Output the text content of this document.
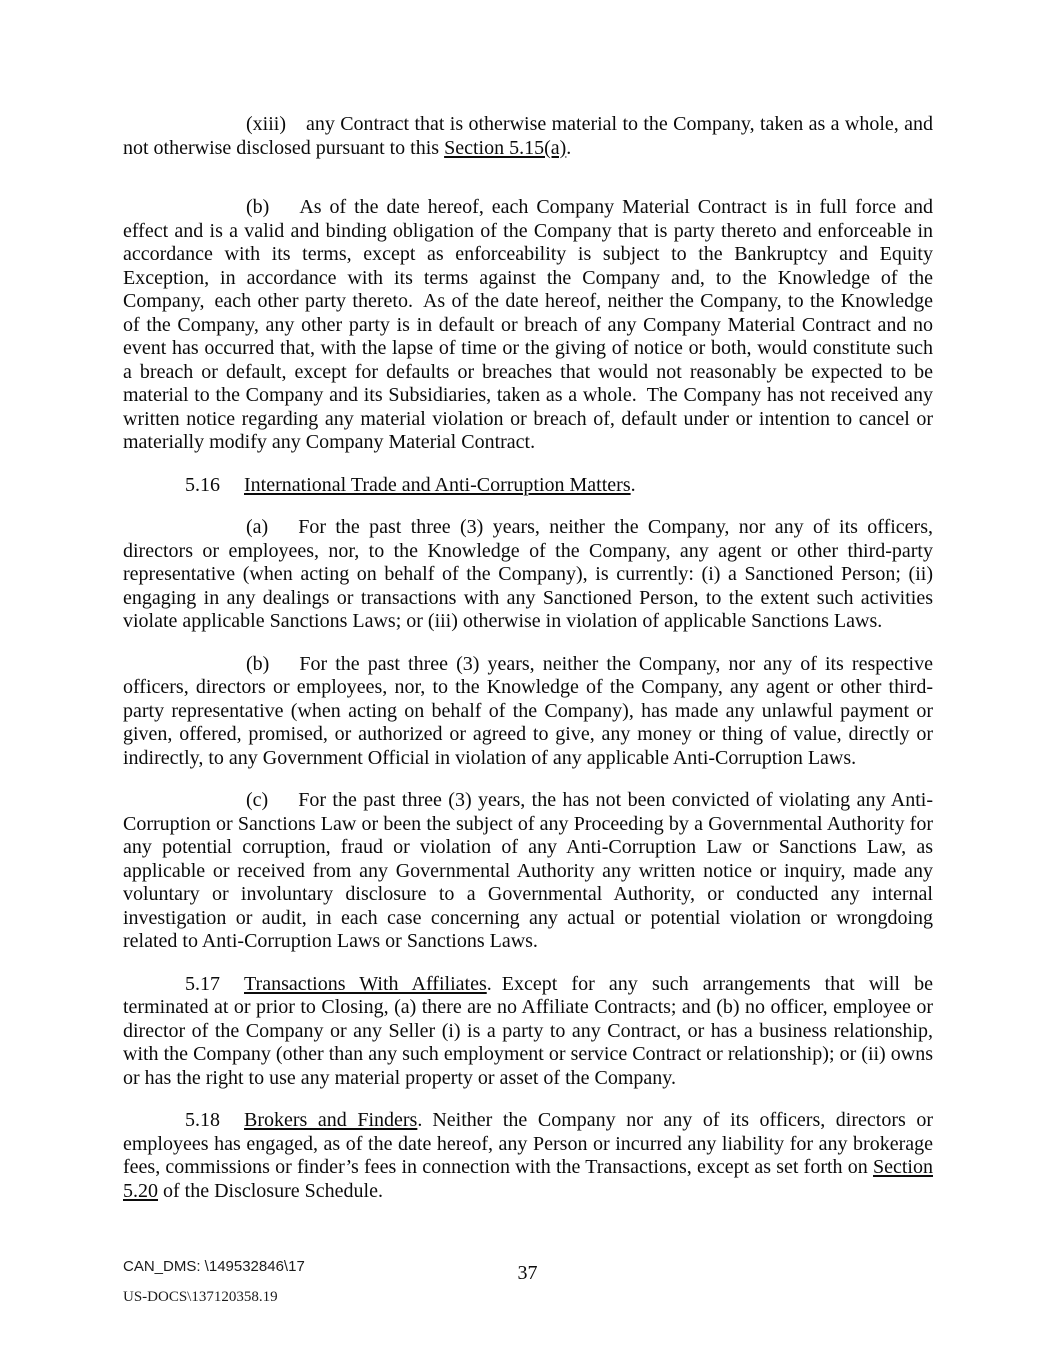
(xiii) any Contract that is otherwise material to the Company, taken as a whole, and not otherwise disclosed pursuant to this Section 5.15(a).

(b)  As of the date hereof, each Company Material Contract is in full force and effect and is a valid and binding obligation of the Company that is party thereto and enforceable in accordance with its terms, except as enforceability is subject to the Bankruptcy and Equity Exception, in accordance with its terms against the Company and, to the Knowledge of the Company, each other party thereto. As of the date hereof, neither the Company, to the Knowledge of the Company, any other party is in default or breach of any Company Material Contract and no event has occurred that, with the lapse of time or the giving of notice or both, would constitute such a breach or default, except for defaults or breaches that would not reasonably be expected to be material to the Company and its Subsidiaries, taken as a whole. The Company has not received any written notice regarding any material violation or breach of, default under or intention to cancel or materially modify any Company Material Contract.

5.16  International Trade and Anti-Corruption Matters.

(a)  For the past three (3) years, neither the Company, nor any of its officers, directors or employees, nor, to the Knowledge of the Company, any agent or other third-party representative (when acting on behalf of the Company), is currently: (i) a Sanctioned Person; (ii) engaging in any dealings or transactions with any Sanctioned Person, to the extent such activities violate applicable Sanctions Laws; or (iii) otherwise in violation of applicable Sanctions Laws.

(b)  For the past three (3) years, neither the Company, nor any of its respective officers, directors or employees, nor, to the Knowledge of the Company, any agent or other third-party representative (when acting on behalf of the Company), has made any unlawful payment or given, offered, promised, or authorized or agreed to give, any money or thing of value, directly or indirectly, to any Government Official in violation of any applicable Anti-Corruption Laws.

(c)  For the past three (3) years, the has not been convicted of violating any Anti-Corruption or Sanctions Law or been the subject of any Proceeding by a Governmental Authority for any potential corruption, fraud or violation of any Anti-Corruption Law or Sanctions Law, as applicable or received from any Governmental Authority any written notice or inquiry, made any voluntary or involuntary disclosure to a Governmental Authority, or conducted any internal investigation or audit, in each case concerning any actual or potential violation or wrongdoing related to Anti-Corruption Laws or Sanctions Laws.

5.17  Transactions With Affiliates. Except for any such arrangements that will be terminated at or prior to Closing, (a) there are no Affiliate Contracts; and (b) no officer, employee or director of the Company or any Seller (i) is a party to any Contract, or has a business relationship, with the Company (other than any such employment or service Contract or relationship); or (ii) owns or has the right to use any material property or asset of the Company.

5.18  Brokers and Finders. Neither the Company nor any of its officers, directors or employees has engaged, as of the date hereof, any Person or incurred any liability for any brokerage fees, commissions or finder’s fees in connection with the Transactions, except as set forth on Section 5.20 of the Disclosure Schedule.

CAN_DMS: \149532846\17
US-DOCS\137120358.19
37
